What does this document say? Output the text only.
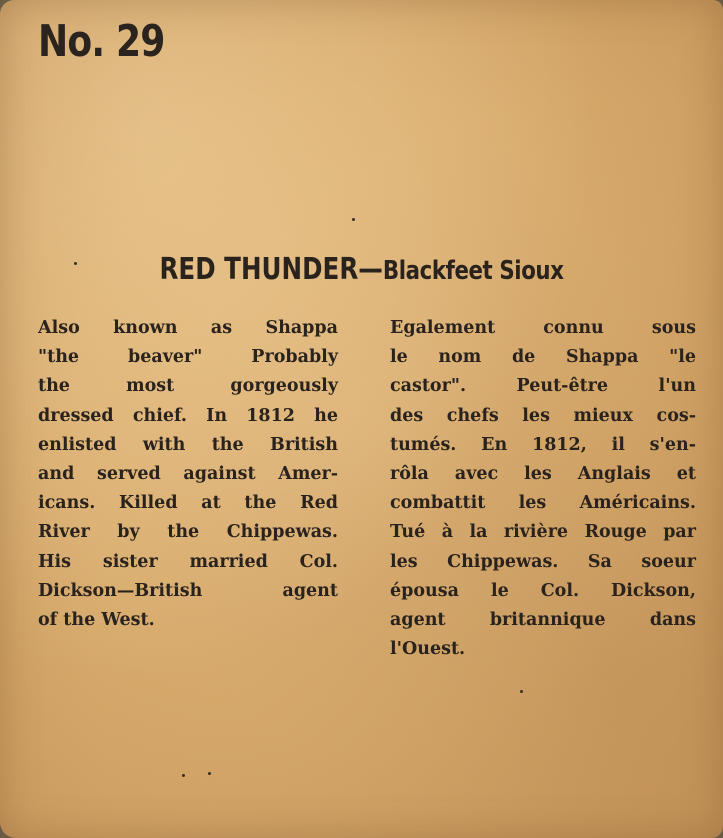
No. 29
RED THUNDER—Blackfeet Sioux
Also known as Shappa
"the beaver" Probably
the most gorgeously
dressed chief. In 1812 he
enlisted with the British
and served against Amer-
icans. Killed at the Red
River by the Chippewas.
His sister married Col.
Dickson—British agent
of the West.
Egalement connu sous
le nom de Shappa "le
castor". Peut-être l'un
des chefs les mieux cos-
tumés. En 1812, il s'en-
rôla avec les Anglais et
combattit les Américains.
Tué à la rivière Rouge par
les Chippewas. Sa soeur
épousa le Col. Dickson,
agent britannique dans
l'Ouest.
